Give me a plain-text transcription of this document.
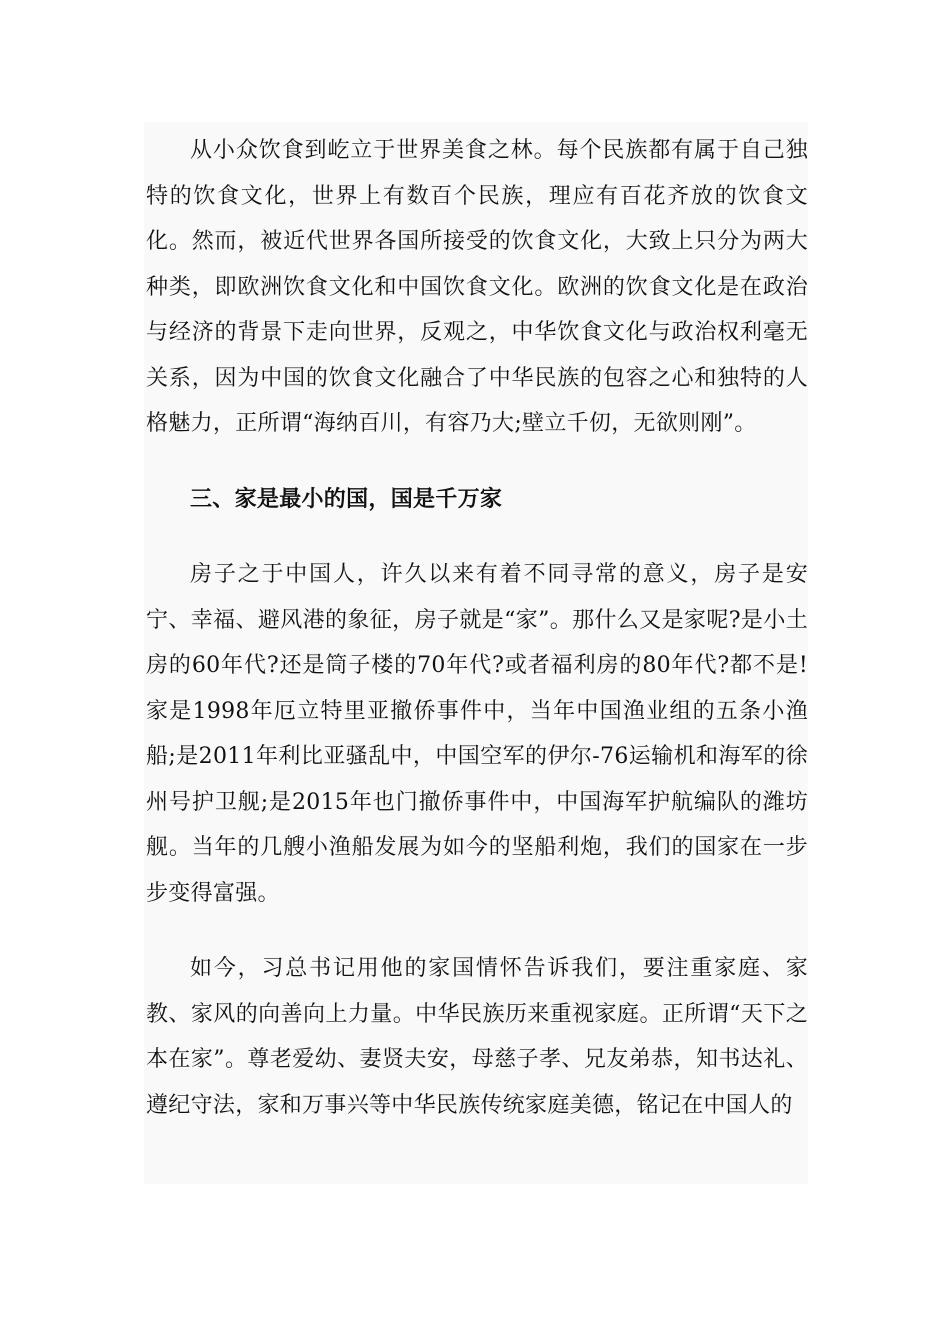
从小众饮食到屹立于世界美食之林。每个民族都有属于自己独特的饮食文化，世界上有数百个民族，理应有百花齐放的饮食文化。然而，被近代世界各国所接受的饮食文化，大致上只分为两大种类，即欧洲饮食文化和中国饮食文化。欧洲的饮食文化是在政治与经济的背景下走向世界，反观之，中华饮食文化与政治权利毫无关系，因为中国的饮食文化融合了中华民族的包容之心和独特的人格魅力，正所谓“海纳百川，有容乃大;壁立千仞，无欲则刚”。

三、家是最小的国，国是千万家

房子之于中国人，许久以来有着不同寻常的意义，房子是安宁、幸福、避风港的象征，房子就是“家”。那什么又是家呢?是小土房的60年代?还是筒子楼的70年代?或者福利房的80年代?都不是!家是1998年厄立特里亚撤侨事件中，当年中国渔业组的五条小渔船;是2011年利比亚骚乱中，中国空军的伊尔-76运输机和海军的徐州号护卫舰;是2015年也门撤侨事件中，中国海军护航编队的潍坊舰。当年的几艘小渔船发展为如今的坚船利炮，我们的国家在一步步变得富强。

如今，习总书记用他的家国情怀告诉我们，要注重家庭、家教、家风的向善向上力量。中华民族历来重视家庭。正所谓“天下之本在家”。尊老爱幼、妻贤夫安，母慈子孝、兄友弟恭，知书达礼、遵纪守法，家和万事兴等中华民族传统家庭美德，铭记在中国人的
